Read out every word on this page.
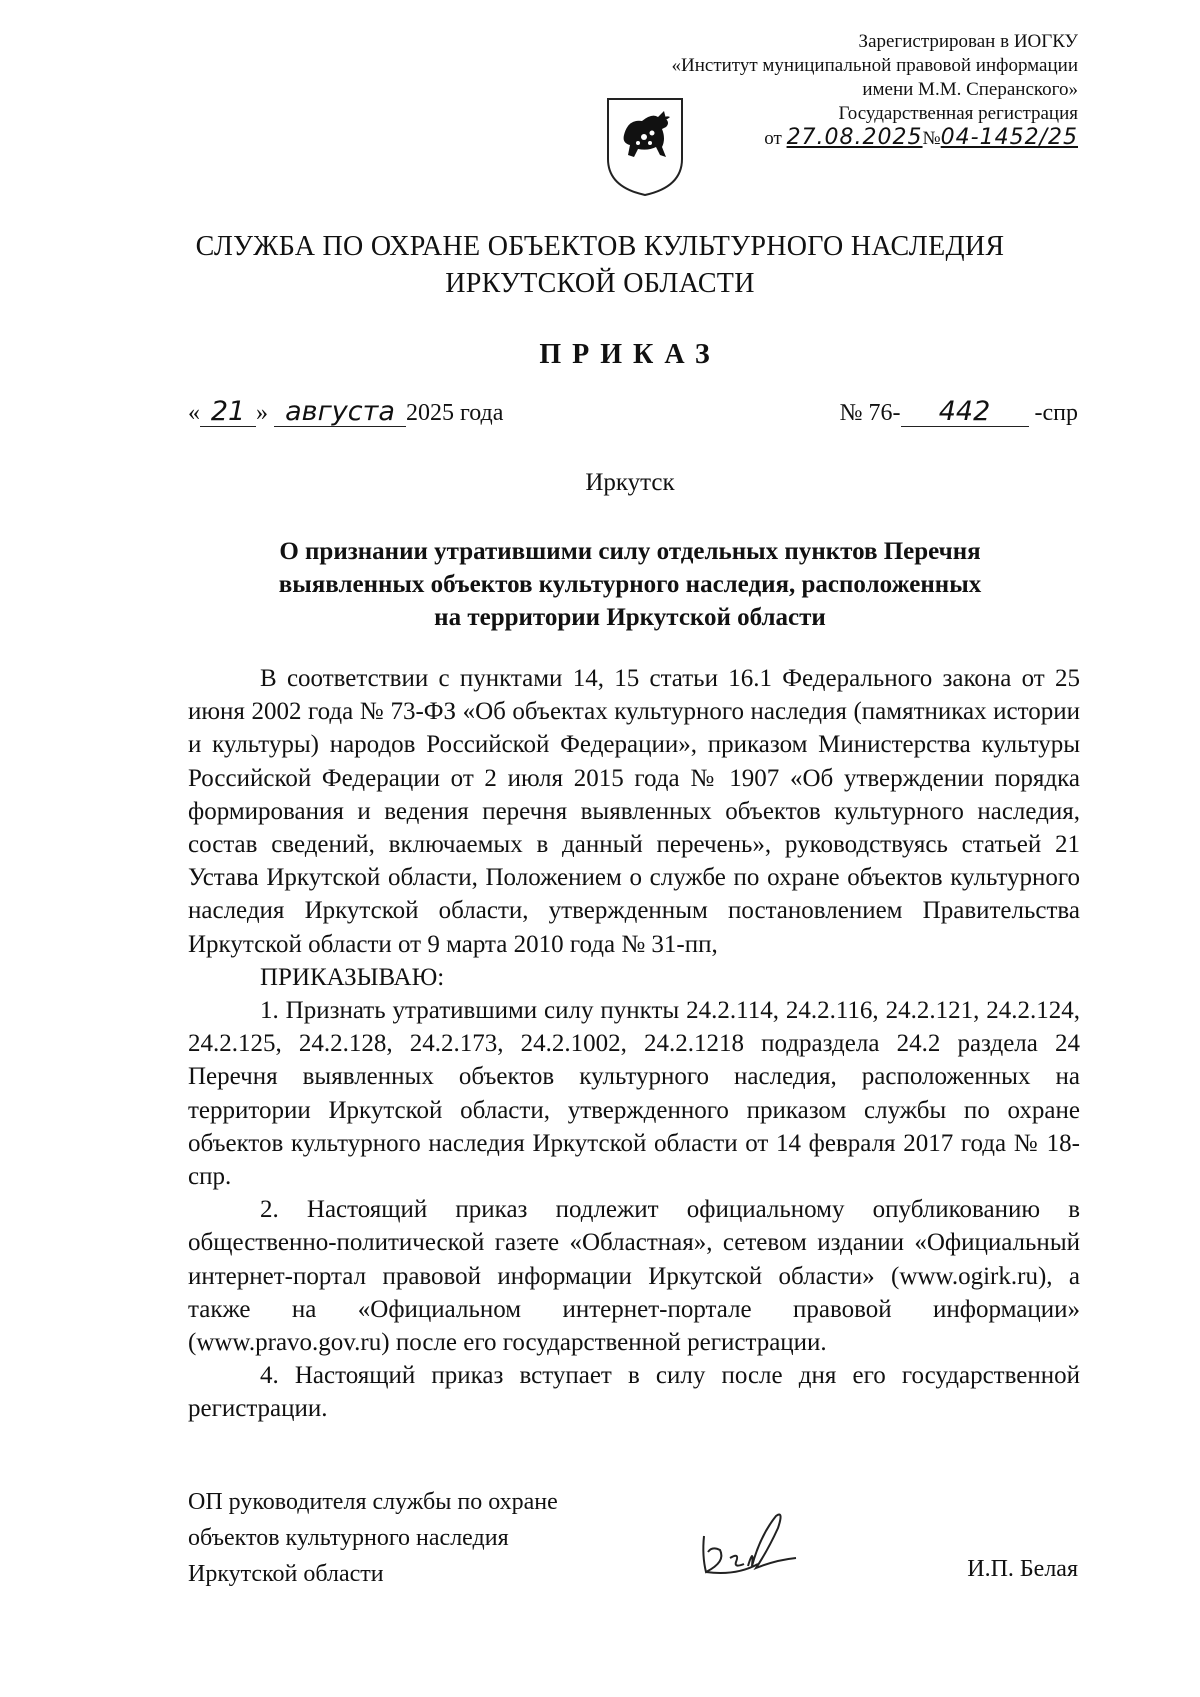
Зарегистрирован в ИОГКУ
«Институт муниципальной правовой информации
имени М.М. Сперанского»
Государственная регистрация
от 27.08.2025№04-1452/25
СЛУЖБА ПО ОХРАНЕ ОБЪЕКТОВ КУЛЬТУРНОГО НАСЛЕДИЯ
ИРКУТСКОЙ ОБЛАСТИ
ПРИКАЗ
« 21 » августа 2025 года	№ 76- 442 -спр
Иркутск
О признании утратившими силу отдельных пунктов Перечня
выявленных объектов культурного наследия, расположенных
на территории Иркутской области

В соответствии с пунктами 14, 15 статьи 16.1 Федерального закона от 25 июня 2002 года № 73-ФЗ «Об объектах культурного наследия (памятниках истории и культуры) народов Российской Федерации», приказом Министерства культуры Российской Федерации от 2 июля 2015 года № 1907 «Об утверждении порядка формирования и ведения перечня выявленных объектов культурного наследия, состав сведений, включаемых в данный перечень», руководствуясь статьей 21 Устава Иркутской области, Положением о службе по охране объектов культурного наследия Иркутской области, утвержденным постановлением Правительства Иркутской области от 9 марта 2010 года № 31-пп,

ПРИКАЗЫВАЮ:

1. Признать утратившими силу пункты 24.2.114, 24.2.116, 24.2.121, 24.2.124, 24.2.125, 24.2.128, 24.2.173, 24.2.1002, 24.2.1218 подраздела 24.2 раздела 24 Перечня выявленных объектов культурного наследия, расположенных на территории Иркутской области, утвержденного приказом службы по охране объектов культурного наследия Иркутской области от 14 февраля 2017 года № 18-спр.

2. Настоящий приказ подлежит официальному опубликованию в общественно-политической газете «Областная», сетевом издании «Официальный интернет-портал правовой информации Иркутской области» (www.ogirk.ru), а также на «Официальном интернет-портале правовой информации» (www.pravo.gov.ru) после его государственной регистрации.

4. Настоящий приказ вступает в силу после дня его государственной регистрации.

ОП руководителя службы по охране
объектов культурного наследия
Иркутской области	И.П. Белая
